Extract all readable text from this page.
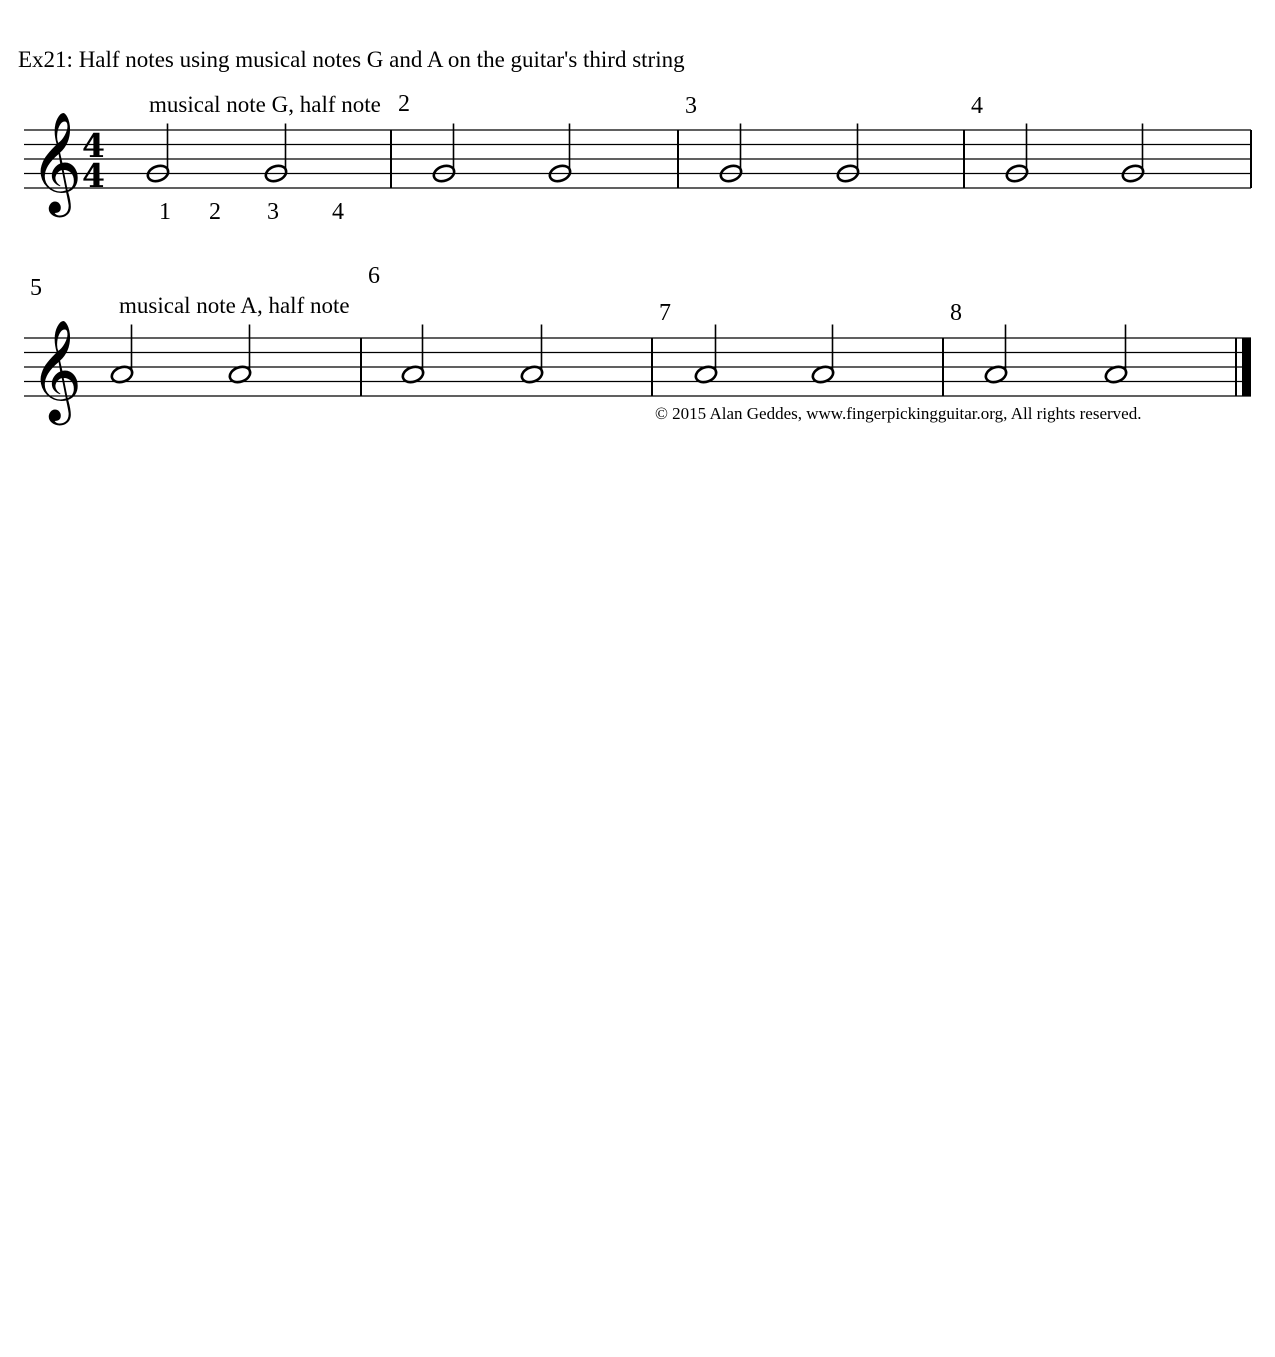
𝄞 4
4
𝄞
Ex21: Half notes using musical notes G and A on the guitar's third string
musical note G, half note 2	3	4
1 2 3 4
5
musical note A, half note
6
7	8
© 2015 Alan Geddes, www.fingerpickingguitar.org, All rights reserved.
